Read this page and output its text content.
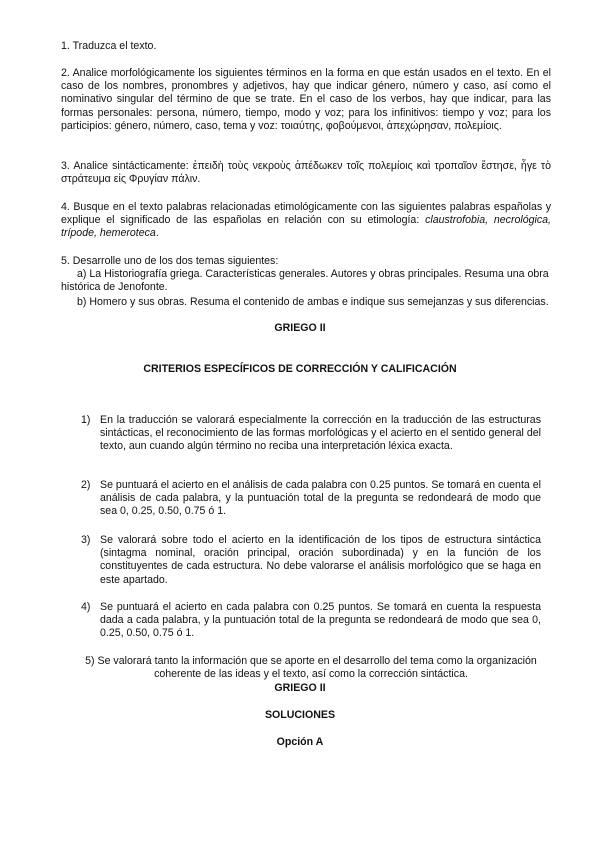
1. Traduzca el texto.

2. Analice morfológicamente los siguientes términos en la forma en que están usados en el texto. En el caso de los nombres, pronombres y adjetivos, hay que indicar género, número y caso, así como el nominativo singular del término de que se trate. En el caso de los verbos, hay que indicar, para las formas personales: persona, número, tiempo, modo y voz; para los infinitivos: tiempo y voz; para los participios: género, número, caso, tema y voz: τοιαύτης, φοβούμενοι, ἀπεχώρησαν, πολεμίοις.

3. Analice sintácticamente: ἐπειδὴ τοὺς νεκροὺς ἀπέδωκεν τοῖς πολεμίοις καὶ τροπαῖον ἔστησε, ἦγε τὸ στράτευμα εἰς Φρυγίαν πάλιν.

4. Busque en el texto palabras relacionadas etimológicamente con las siguientes palabras españolas y explique el significado de las españolas en relación con su etimología: claustrofobia, necrológica, trípode, hemeroteca.

5. Desarrolle uno de los dos temas siguientes:

a) La Historiografía griega. Características generales. Autores y obras principales. Resuma una obra histórica de Jenofonte.

b) Homero y sus obras. Resuma el contenido de ambas e indique sus semejanzas y sus diferencias.

GRIEGO II
CRITERIOS ESPECÍFICOS DE CORRECCIÓN Y CALIFICACIÓN
1) En la traducción se valorará especialmente la corrección en la traducción de las estructuras sintácticas, el reconocimiento de las formas morfológicas y el acierto en el sentido general del texto, aun cuando algún término no reciba una interpretación léxica exacta.
2) Se puntuará el acierto en el análisis de cada palabra con 0.25 puntos. Se tomará en cuenta el análisis de cada palabra, y la puntuación total de la pregunta se redondeará de modo que sea 0, 0.25, 0.50, 0.75 ó 1.
3) Se valorará sobre todo el acierto en la identificación de los tipos de estructura sintáctica (sintagma nominal, oración principal, oración subordinada) y en la función de los constituyentes de cada estructura. No debe valorarse el análisis morfológico que se haga en este apartado.
4) Se puntuará el acierto en cada palabra con 0.25 puntos. Se tomará en cuenta la respuesta dada a cada palabra, y la puntuación total de la pregunta se redondeará de modo que sea 0, 0.25, 0.50, 0.75 ó 1.
5) Se valorará tanto la información que se aporte en el desarrollo del tema como la organización coherente de las ideas y el texto, así como la corrección sintáctica.
GRIEGO II
SOLUCIONES
Opción A
